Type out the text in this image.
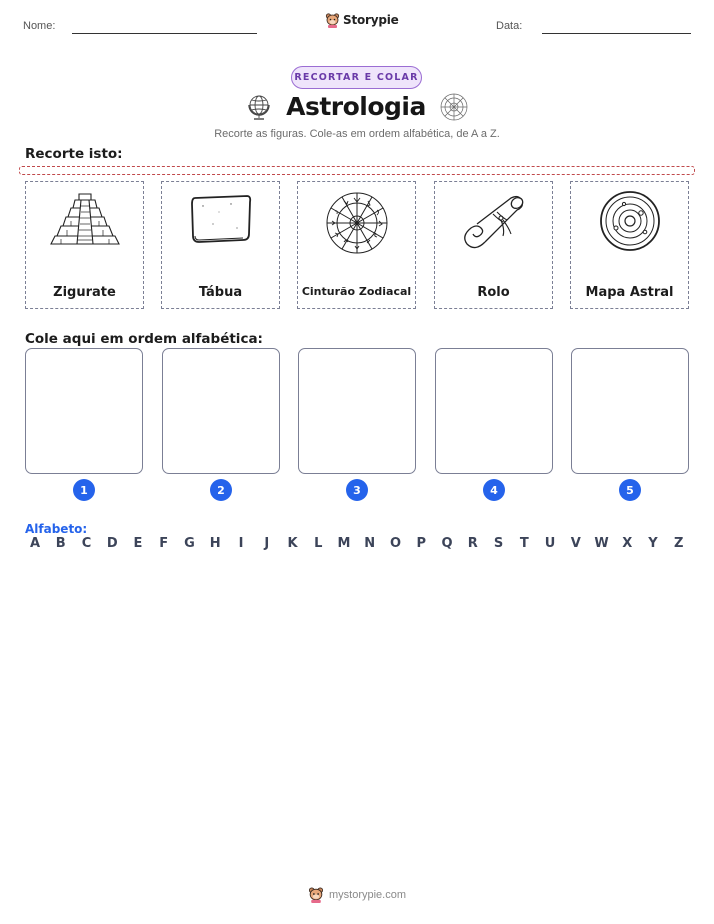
Nome:	Storypie	Data:
RECORTAR E COLAR
Astrologia
Recorte as figuras. Cole-as em ordem alfabética, de A a Z.
Recorte isto:
Zigurate	Tábua	Cinturão Zodiacal	Rolo	Mapa Astral
Cole aqui em ordem alfabética:
1	2	3	4	5
Alfabeto:
A	B	C	D	E	F	G	H	I	J	K	L	M	N	O	P	Q	R	S	T	U	V	W	X	Y	Z
mystorypie.com
